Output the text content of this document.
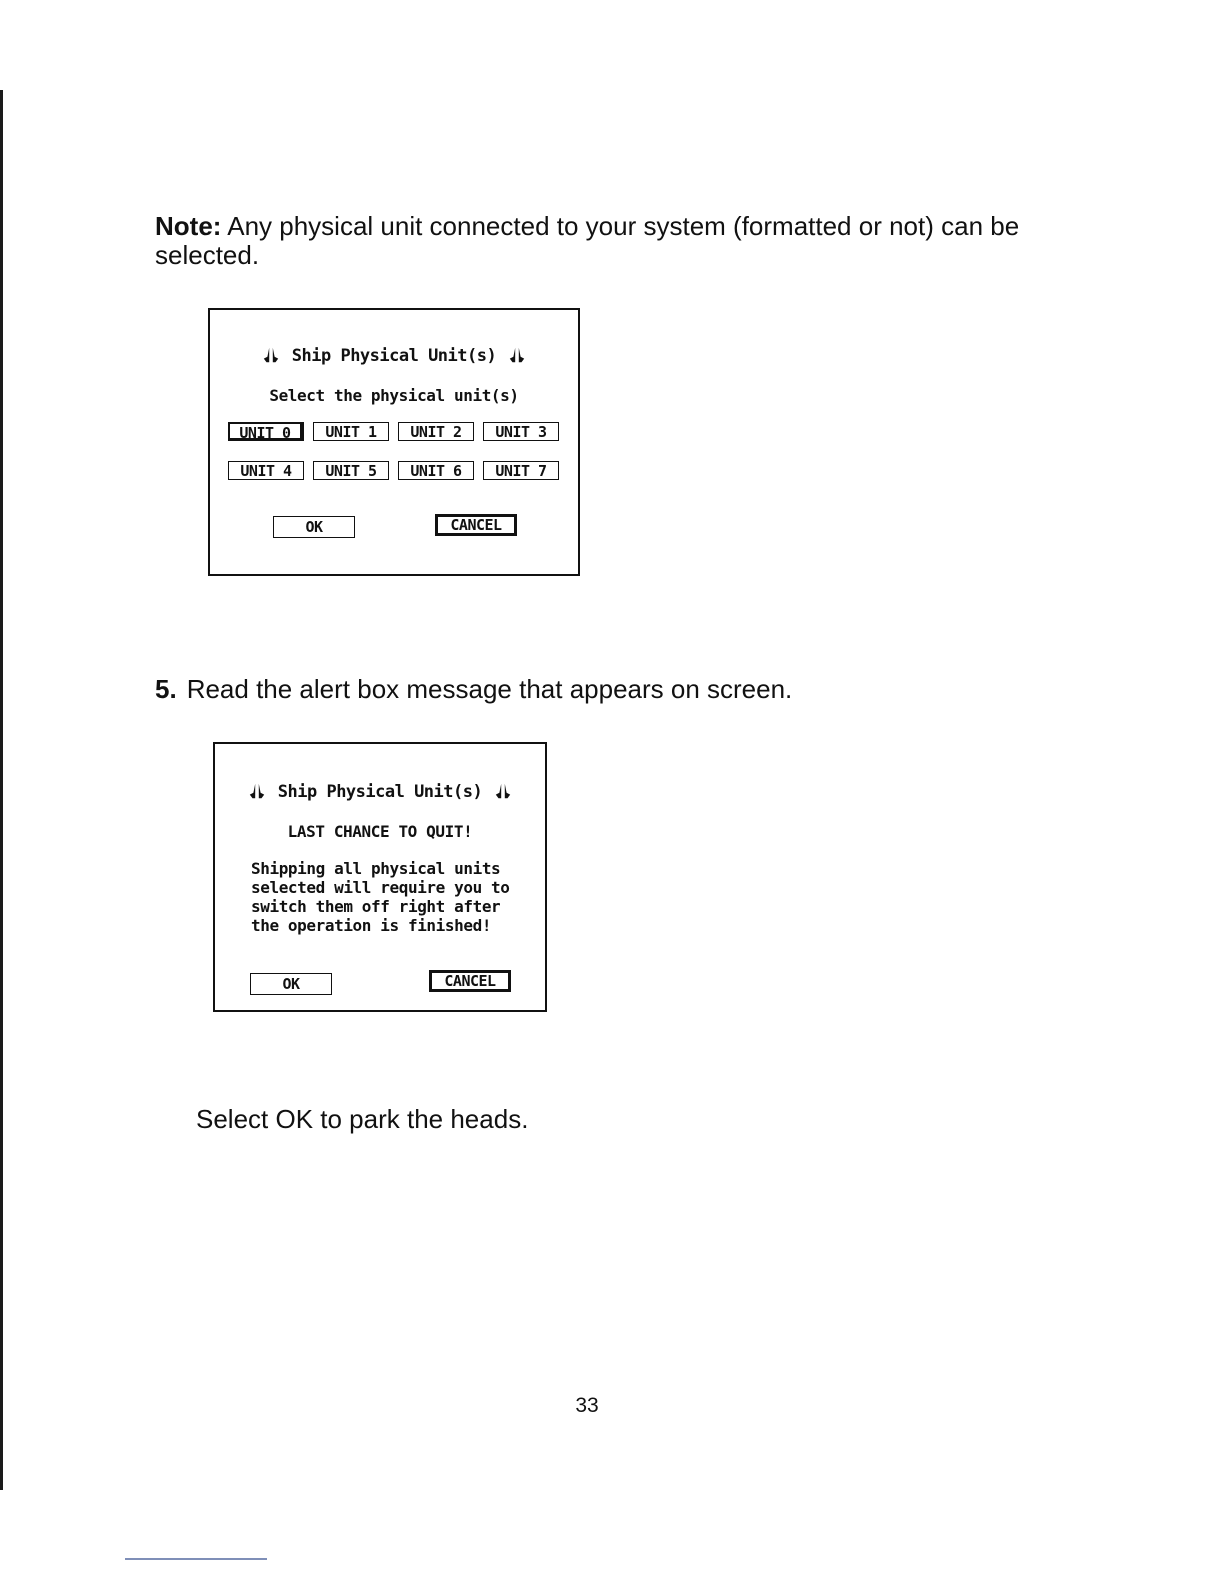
Note: Any physical unit connected to your system (formatted or not) can be selected.

Ship Physical Unit(s)
Select the physical unit(s)
UNIT 0	UNIT 1	UNIT 2	UNIT 3
UNIT 4	UNIT 5	UNIT 6	UNIT 7
OK	CANCEL

5. Read the alert box message that appears on screen.

Ship Physical Unit(s)
LAST CHANCE TO QUIT!
Shipping all physical units
selected will require you to
switch them off right after
the operation is finished!
OK	CANCEL

Select OK to park the heads.

33
